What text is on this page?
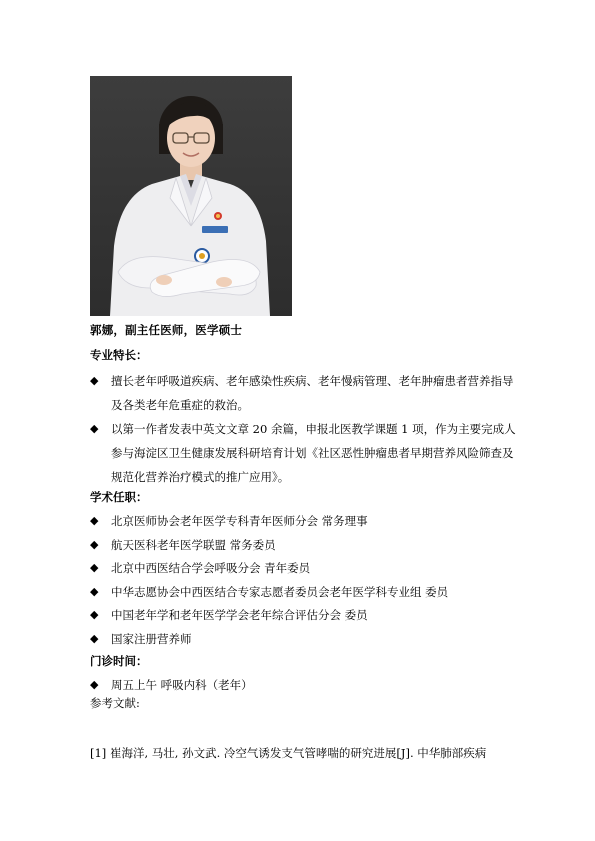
郭娜，副主任医师，医学硕士
专业特长：
◆ 擅长老年呼吸道疾病、老年感染性疾病、老年慢病管理、老年肿瘤患者营养指导及各类老年危重症的救治。
◆ 以第一作者发表中英文文章 20 余篇，申报北医教学课题 1 项，作为主要完成人参与海淀区卫生健康发展科研培育计划《社区恶性肿瘤患者早期营养风险筛查及规范化营养治疗模式的推广应用》。
学术任职：
◆ 北京医师协会老年医学专科青年医师分会 常务理事
◆ 航天医科老年医学联盟 常务委员
◆ 北京中西医结合学会呼吸分会 青年委员
◆ 中华志愿协会中西医结合专家志愿者委员会老年医学科专业组 委员
◆ 中国老年学和老年医学学会老年综合评估分会 委员
◆ 国家注册营养师
门诊时间：
◆ 周五上午 呼吸内科（老年）
参考文献:
[1] 崔海洋, 马壮, 孙文武. 冷空气诱发支气管哮喘的研究进展[J]. 中华肺部疾病
